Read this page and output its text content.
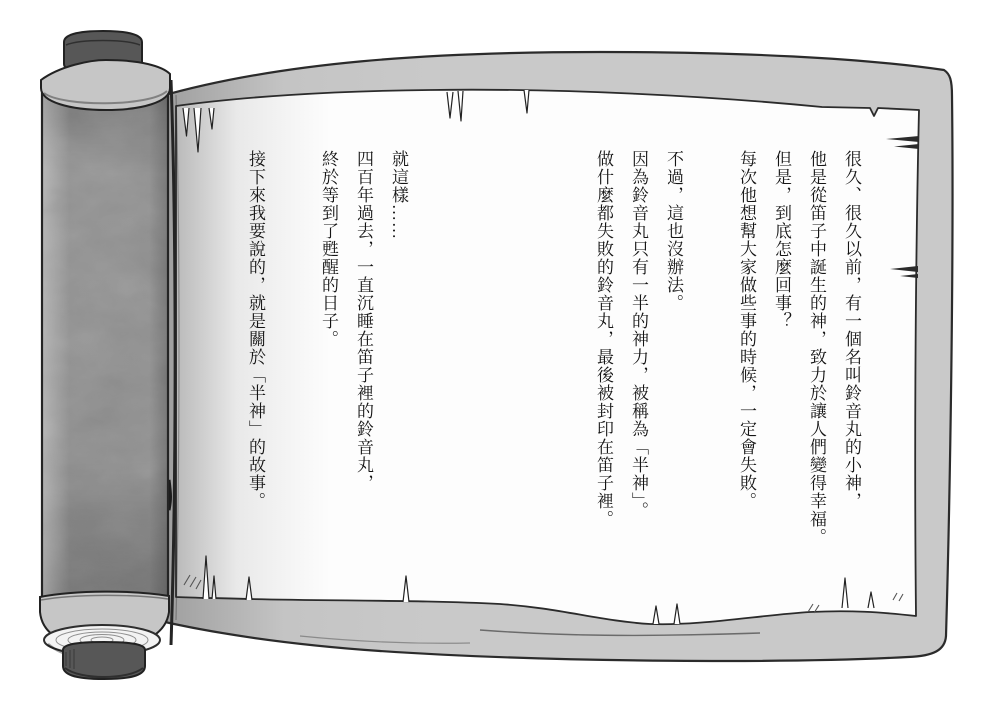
很久、很久以前，有一個名叫鈴音丸的小神，

他是從笛子中誕生的神，致力於讓人們變得幸福。

但是，到底怎麼回事？

每次他想幫大家做些事的時候，一定會失敗。

不過，這也沒辦法。

因為鈴音丸只有一半的神力，被稱為「半神」。

做什麼都失敗的鈴音丸，最後被封印在笛子裡。

就這樣……

四百年過去，一直沉睡在笛子裡的鈴音丸，

終於等到了甦醒的日子。

接下來我要說的，就是關於「半神」的故事。
